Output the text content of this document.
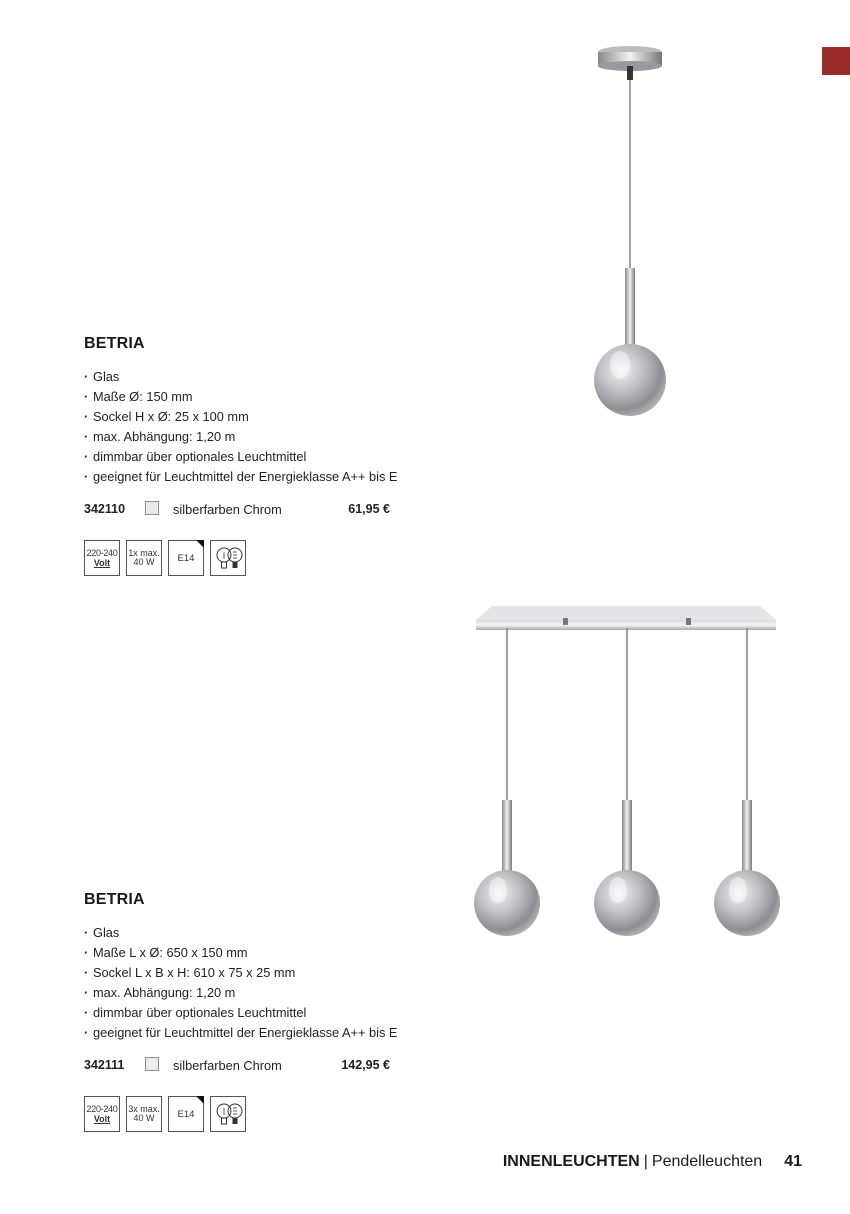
BETRIA
· Glas
· Maße Ø: 150 mm
· Sockel H x Ø: 25 x 100 mm
· max. Abhängung: 1,20 m
· dimmbar über optionales Leuchtmittel
· geeignet für Leuchtmittel der Energieklasse A++ bis E
342110	silberfarben Chrom	61,95 €
220-240
Volt
1x max.
40 W	E14
BETRIA
· Glas
· Maße L x Ø: 650 x 150 mm
· Sockel L x B x H: 610 x 75 x 25 mm
· max. Abhängung: 1,20 m
· dimmbar über optionales Leuchtmittel
· geeignet für Leuchtmittel der Energieklasse A++ bis E
342111	silberfarben Chrom	142,95 €
220-240
Volt
3x max.
40 W	E14
INNENLEUCHTEN | Pendelleuchten 41
